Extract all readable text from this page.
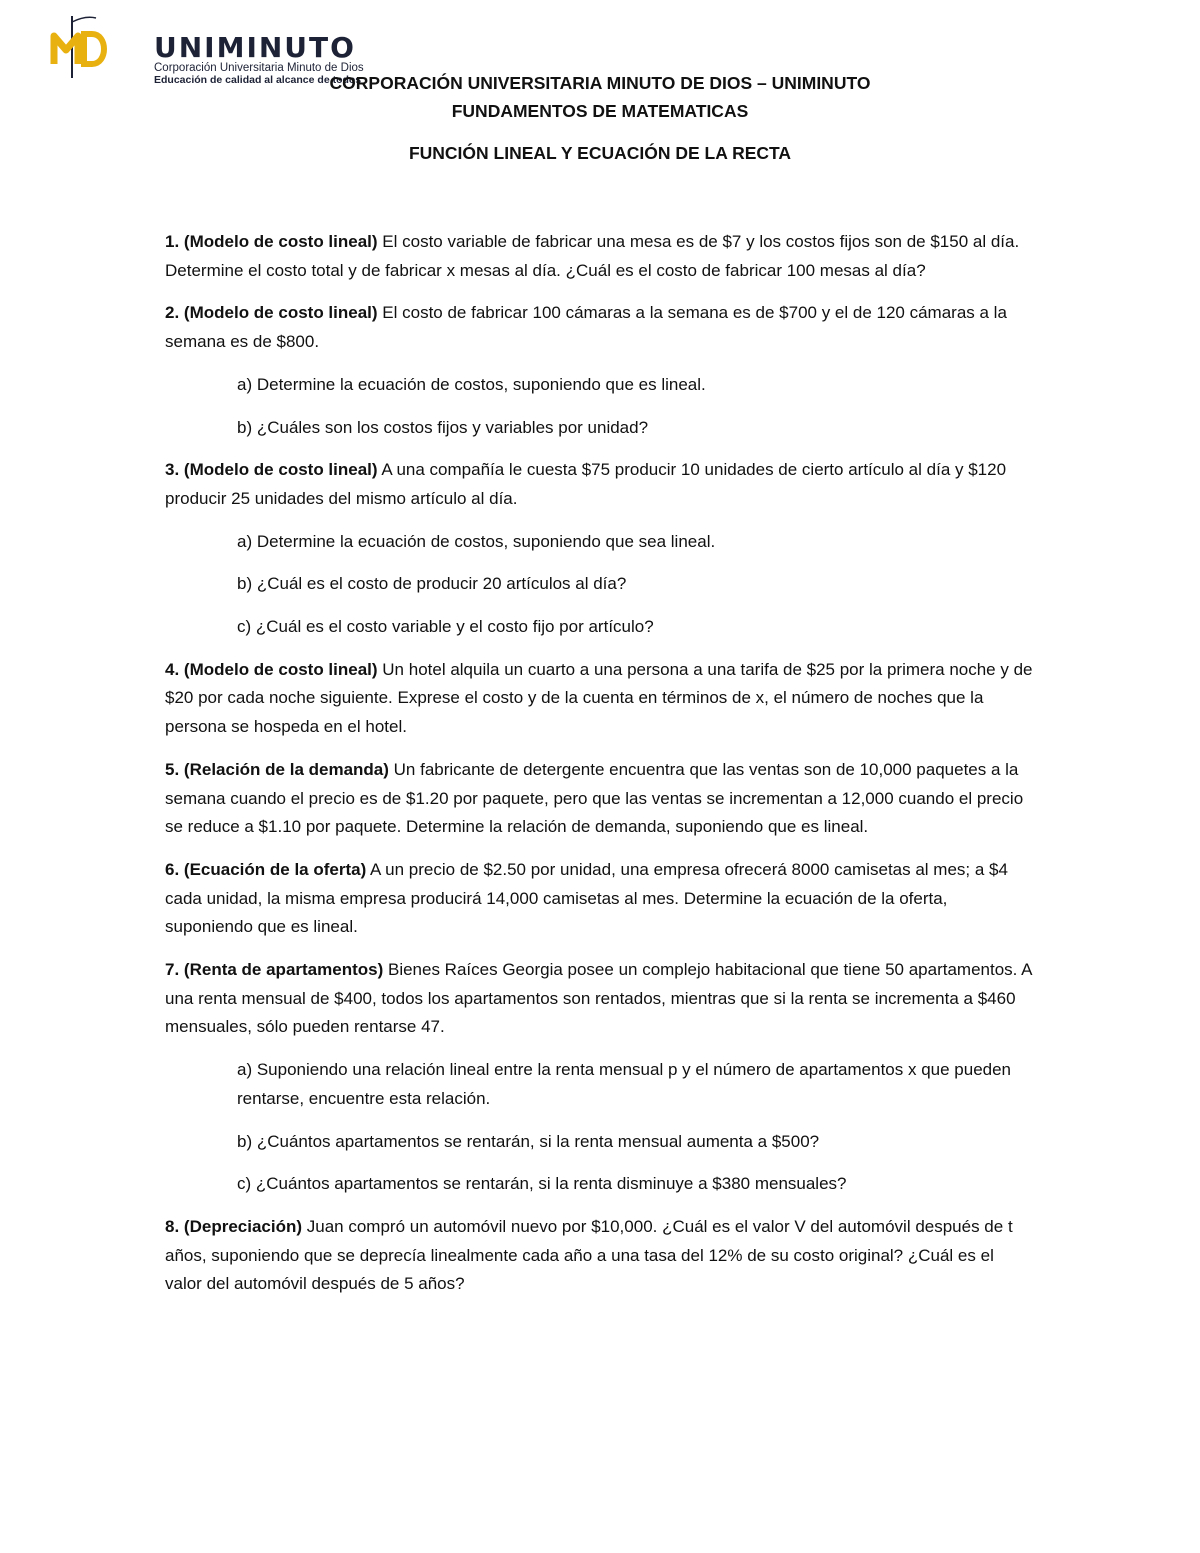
UNIMINUTO
Corporación Universitaria Minuto de Dios
Educación de calidad al alcance de todos
CORPORACIÓN UNIVERSITARIA MINUTO DE DIOS – UNIMINUTO
FUNDAMENTOS DE MATEMATICAS
FUNCIÓN LINEAL Y ECUACIÓN DE LA RECTA

1. (Modelo de costo lineal) El costo variable de fabricar una mesa es de $7 y los costos fijos son de $150 al día. Determine el costo total y de fabricar x mesas al día. ¿Cuál es el costo de fabricar 100 mesas al día?

2. (Modelo de costo lineal) El costo de fabricar 100 cámaras a la semana es de $700 y el de 120 cámaras a la semana es de $800.

a) Determine la ecuación de costos, suponiendo que es lineal.

b) ¿Cuáles son los costos fijos y variables por unidad?

3. (Modelo de costo lineal) A una compañía le cuesta $75 producir 10 unidades de cierto artículo al día y $120 producir 25 unidades del mismo artículo al día.

a) Determine la ecuación de costos, suponiendo que sea lineal.

b) ¿Cuál es el costo de producir 20 artículos al día?

c) ¿Cuál es el costo variable y el costo fijo por artículo?

4. (Modelo de costo lineal) Un hotel alquila un cuarto a una persona a una tarifa de $25 por la primera noche y de $20 por cada noche siguiente. Exprese el costo y de la cuenta en términos de x, el número de noches que la persona se hospeda en el hotel.

5. (Relación de la demanda) Un fabricante de detergente encuentra que las ventas son de 10,000 paquetes a la semana cuando el precio es de $1.20 por paquete, pero que las ventas se incrementan a 12,000 cuando el precio se reduce a $1.10 por paquete. Determine la relación de demanda, suponiendo que es lineal.

6. (Ecuación de la oferta) A un precio de $2.50 por unidad, una empresa ofrecerá 8000 camisetas al mes; a $4 cada unidad, la misma empresa producirá 14,000 camisetas al mes. Determine la ecuación de la oferta, suponiendo que es lineal.

7. (Renta de apartamentos) Bienes Raíces Georgia posee un complejo habitacional que tiene 50 apartamentos. A una renta mensual de $400, todos los apartamentos son rentados, mientras que si la renta se incrementa a $460 mensuales, sólo pueden rentarse 47.

a) Suponiendo una relación lineal entre la renta mensual p y el número de apartamentos x que pueden rentarse, encuentre esta relación.

b) ¿Cuántos apartamentos se rentarán, si la renta mensual aumenta a $500?

c) ¿Cuántos apartamentos se rentarán, si la renta disminuye a $380 mensuales?

8. (Depreciación) Juan compró un automóvil nuevo por $10,000. ¿Cuál es el valor V del automóvil después de t años, suponiendo que se deprecía linealmente cada año a una tasa del 12% de su costo original? ¿Cuál es el valor del automóvil después de 5 años?
